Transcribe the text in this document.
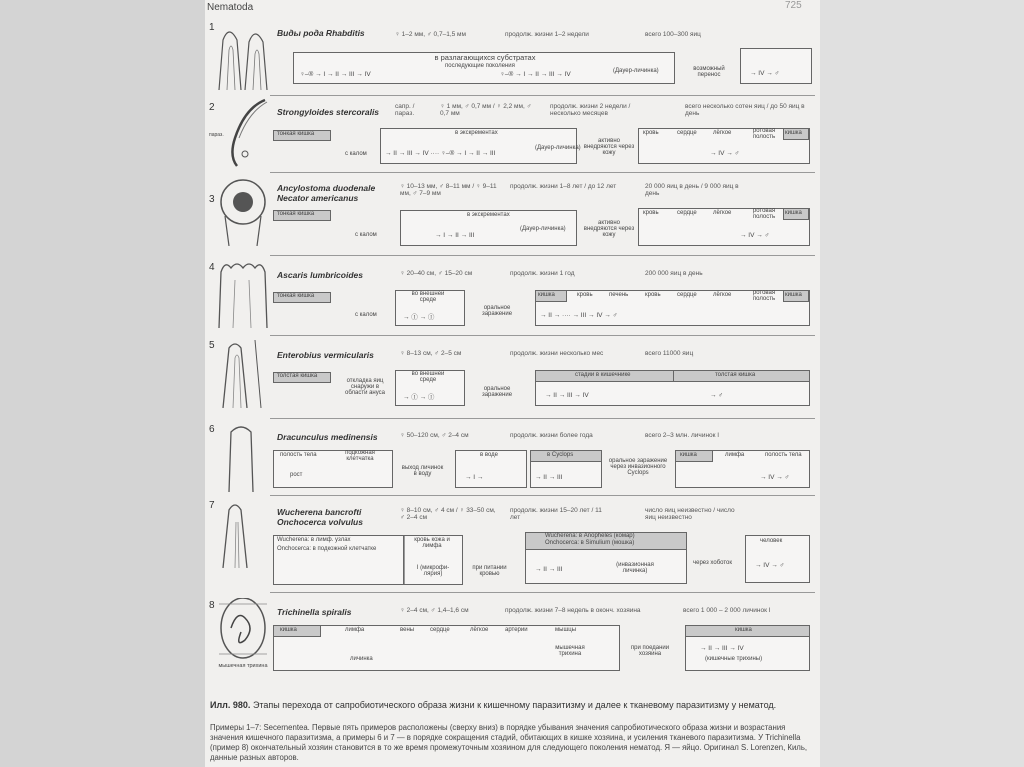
Nematoda	725
1	Виды рода Rhabditis	♀ 1–2 мм, ♂ 0,7–1,5 мм	продолж. жизни 1–2 недели	всего 100–300 яиц
в разлагающихся субстратах
последующие поколения
♀–® → I → II → III → IV	♀–® → I → II → III → IV	(Дауер-личинка)	возможный перенос	→ IV → ♂
2
парaз.
Strongyloides stercoralis
сапр. / парaз.
♀ 1 мм, ♂ 0,7 мм / ♀ 2,2 мм, ♂ 0,7 мм
продолж. жизни 2 недели / несколько месяцев
всего несколько сотен яиц / до 50 яиц в день
тонкая кишка
с калом
в экскрементах
→ II → III → IV ···· ♀–® → I → II → III
(Дауер-личинка)
активно внедряются через кожу
кровь	сердце	лёгкое	ротовая полость
кишка
→ IV → ♂
3
Ancylostoma duodenale
Necator americanus
♀ 10–13 мм, ♂ 8–11 мм / ♀ 9–11 мм, ♂ 7–9 мм
продолж. жизни 1–8 лет / до 12 лет	20 000 яиц в день / 9 000 яиц в день
тонкая кишка
с калом
в экскрементах
→ I → II → III
(Дауер-личинка)
активно внедряются через кожу
кровь	сердце	лёгкое	ротовая полость
кишка
→ IV → ♂
4
Ascaris lumbricoides	♀ 20–40 см, ♂ 15–20 см	продолж. жизни 1 год	200 000 яиц в день
тонкая кишка
с калом
во внешней среде
→ Ⓘ → Ⓘ
оральное заражение
кишка	кровь	печень	кровь	сердце	лёгкое	ротовая полость
кишка
→ II → ···· → III → IV → ♂
5
Enterobius vermicularis	♀ 8–13 см, ♂ 2–5 см	продолж. жизни несколько мес	всего 11000 яиц
толстая кишка
откладка яиц снаружи в области ануса
во внешней среде
→ Ⓘ → Ⓘ
оральное заражение
стадии в кишечнике	толстая кишка
→ II → III → IV	→ ♂
6
Dracunculus medinensis	♀ 50–120 см, ♂ 2–4 см	продолж. жизни более года	всего 2–3 млн. личинок I
полость тела	подкожная клетчатка
рост
выход личинок в воду
в воде
→ I →
в Cyclops
→ II → III
оральное заражение через инвазионного Cyclops
кишка	лимфа	полость тела
→ IV → ♂
7
Wucherena bancrofti
Onchocerca volvulus
♀ 8–10 см, ♂ 4 см / ♀ 33–50 см, ♂ 2–4 см
продолж. жизни 15–20 лет / 11 лет
число яиц неизвестно / число яиц неизвестно
Wucherena: в лимф. узлах
Onchocerca: в подкожной клетчатке
кровь кожа и лимфа
I (микрофи-лярия)
при питании кровью
Wucherena: в Anopheles (комар)
Onchocerca: в Simulium (мошка)
→ II → III
(инвазионная личинка)
через хоботок
человек
→ IV → ♂
8
мышечная трихина
Trichinella spiralis	♀ 2–4 см, ♂ 1,4–1,6 см	продолж. жизни 7–8 недель в оконч. хозяина	всего 1 000 – 2 000 личинок I
кишка	лимфа	вены	сердце	лёгкое	артерии	мышцы
личинка
мышечная трихина
при поедании хозяина
кишка
→ II → III → IV
(кишечные трихины)
Илл. 980. Этапы перехода от сапробиотического образа жизни к кишечному паразитизму и далее к тканевому паразитизму у нематод.
Примеры 1–7: Secernentea. Первые пять примеров расположены (сверху вниз) в порядке убывания значения сапробиотического образа жизни и возрастания значения кишечного паразитизма, а примеры 6 и 7 — в порядке сокращения стадий, обитающих в кишке хозяина, и усиления тканевого паразитизма. У Trichinella (пример 8) окончательный хозяин становится в то же время промежуточным хозяином для следующего поколения нематод. Я — яйцо. Оригинал S. Lorenzen, Киль, данные разных авторов.
